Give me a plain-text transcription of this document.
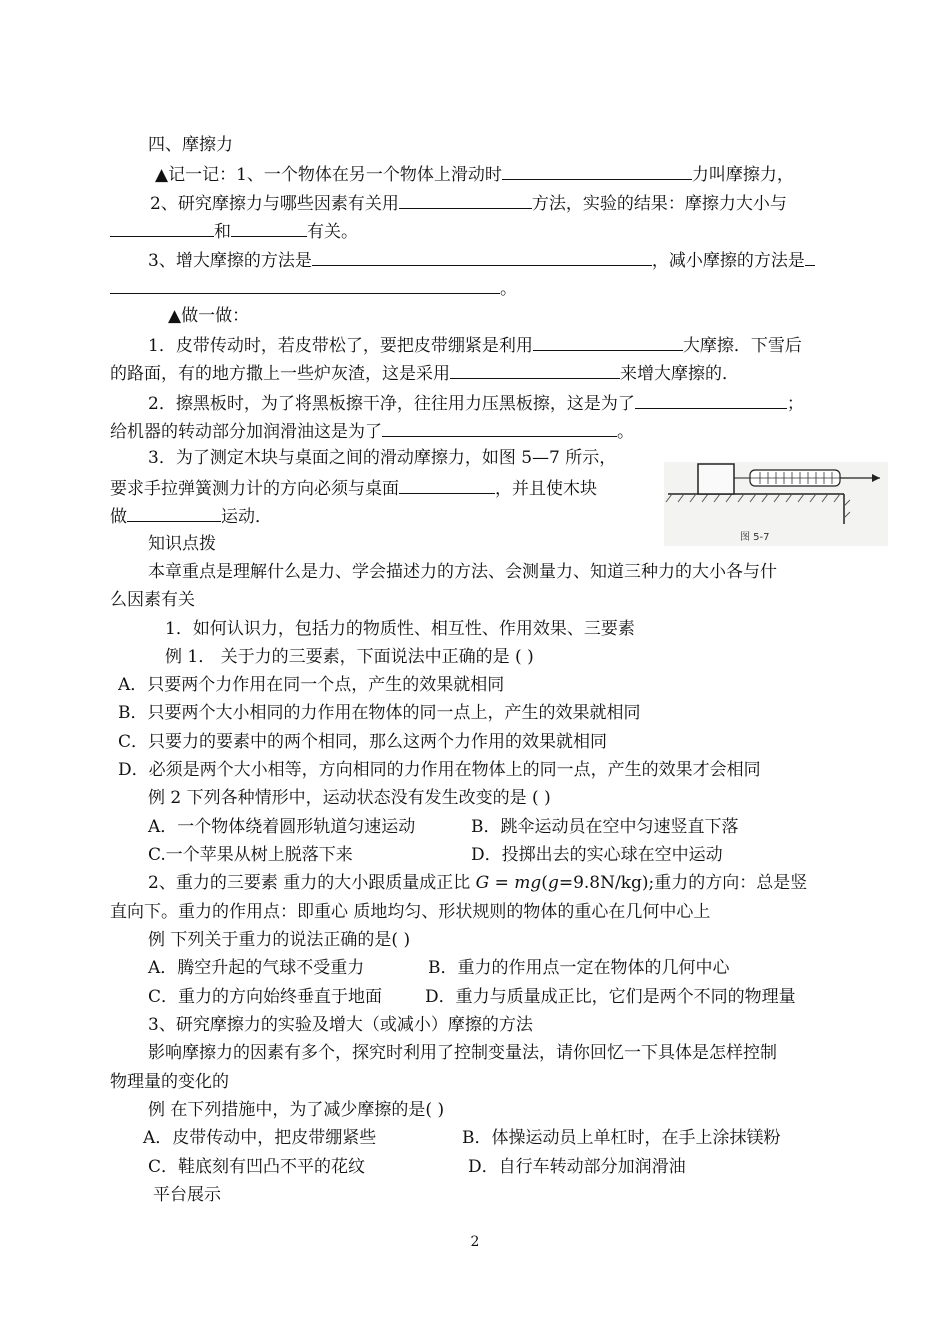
四、摩擦力
▲记一记：1、一个物体在另一个物体上滑动时	力叫摩擦力，
2、研究摩擦力与哪些因素有关用	方法，实验的结果：摩擦力大小与
和	有关。
3、增大摩擦的方法是	，减小摩擦的方法是
。
▲做一做：
1．皮带传动时，若皮带松了，要把皮带绷紧是利用	大摩擦．下雪后
的路面，有的地方撒上一些炉灰渣，这是采用	来增大摩擦的．
2．擦黑板时，为了将黑板擦干净，往往用力压黑板擦，这是为了	；
给机器的转动部分加润滑油这是为了	。
3．为了测定木块与桌面之间的滑动摩擦力，如图 5—7 所示，
要求手拉弹簧测力计的方向必须与桌面	，并且使木块
做	运动．
图 5-7
知识点拨
本章重点是理解什么是力、学会描述力的方法、会测量力、知道三种力的大小各与什
么因素有关
1．如何认识力，包括力的物质性、相互性、作用效果、三要素
例 1． 关于力的三要素，下面说法中正确的是 ( )
A．只要两个力作用在同一个点，产生的效果就相同
B．只要两个大小相同的力作用在物体的同一点上，产生的效果就相同
C．只要力的要素中的两个相同，那么这两个力作用的效果就相同
D．必须是两个大小相等，方向相同的力作用在物体上的同一点，产生的效果才会相同
例 2 下列各种情形中，运动状态没有发生改变的是 ( )
A．一个物体绕着圆形轨道匀速运动	B．跳伞运动员在空中匀速竖直下落
C.一个苹果从树上脱落下来	D．投掷出去的实心球在空中运动
2、重力的三要素 重力的大小跟质量成正比 G = mg(g=9.8N/kg);重力的方向：总是竖
直向下。重力的作用点：即重心 质地均匀、形状规则的物体的重心在几何中心上
例 下列关于重力的说法正确的是( )
A．腾空升起的气球不受重力	B．重力的作用点一定在物体的几何中心
C．重力的方向始终垂直于地面	D．重力与质量成正比，它们是两个不同的物理量
3、研究摩擦力的实验及增大（或减小）摩擦的方法
影响摩擦力的因素有多个，探究时利用了控制变量法，请你回忆一下具体是怎样控制
物理量的变化的
例 在下列措施中，为了减少摩擦的是( )
A．皮带传动中，把皮带绷紧些	B．体操运动员上单杠时，在手上涂抹镁粉
C．鞋底刻有凹凸不平的花纹	D．自行车转动部分加润滑油
平台展示
2
